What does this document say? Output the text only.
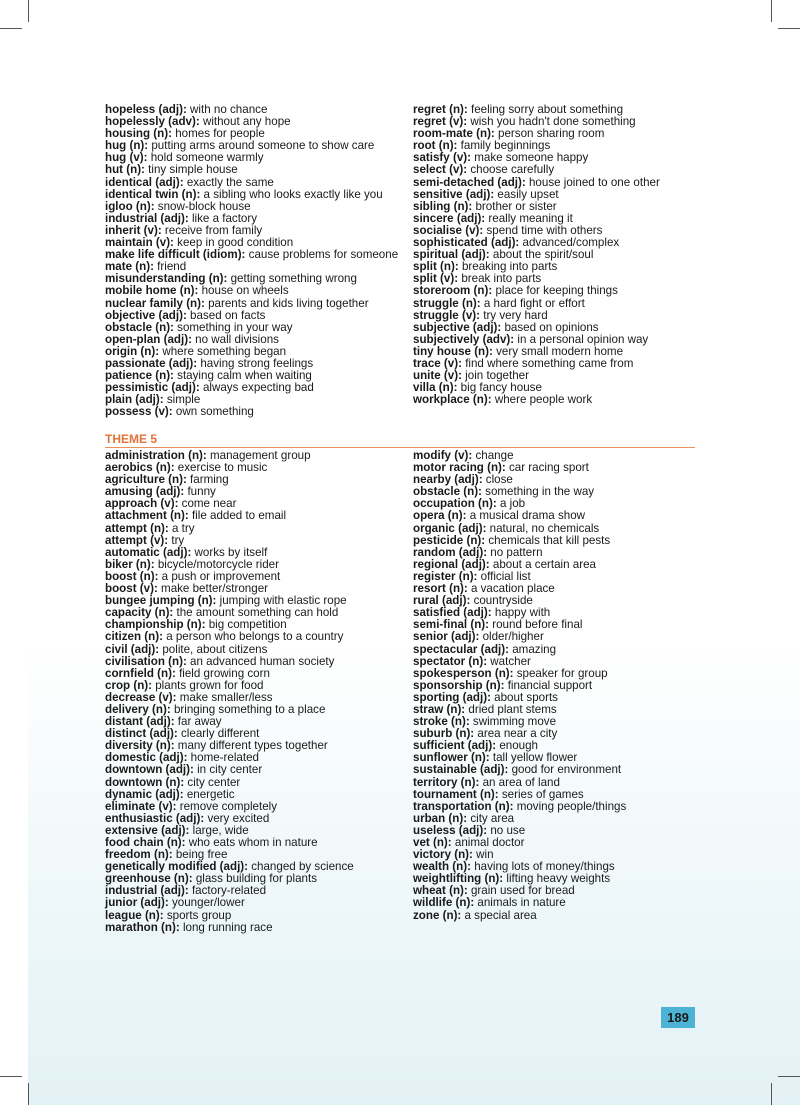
hopeless (adj): with no chance
hopelessly (adv): without any hope
housing (n): homes for people
hug (n): putting arms around someone to show care
hug (v): hold someone warmly
hut (n): tiny simple house
identical (adj): exactly the same
identical twin (n): a sibling who looks exactly like you
igloo (n): snow-block house
industrial (adj): like a factory
inherit (v): receive from family
maintain (v): keep in good condition
make life difficult (idiom): cause problems for someone
mate (n): friend
misunderstanding (n): getting something wrong
mobile home (n): house on wheels
nuclear family (n): parents and kids living together
objective (adj): based on facts
obstacle (n): something in your way
open-plan (adj): no wall divisions
origin (n): where something began
passionate (adj): having strong feelings
patience (n): staying calm when waiting
pessimistic (adj): always expecting bad
plain (adj): simple
possess (v): own something
regret (n): feeling sorry about something
regret (v): wish you hadn't done something
room-mate (n): person sharing room
root (n): family beginnings
satisfy (v): make someone happy
select (v): choose carefully
semi-detached (adj): house joined to one other
sensitive (adj): easily upset
sibling (n): brother or sister
sincere (adj): really meaning it
socialise (v): spend time with others
sophisticated (adj): advanced/complex
spiritual (adj): about the spirit/soul
split (n): breaking into parts
split (v): break into parts
storeroom (n): place for keeping things
struggle (n): a hard fight or effort
struggle (v): try very hard
subjective (adj): based on opinions
subjectively (adv): in a personal opinion way
tiny house (n): very small modern home
trace (v): find where something came from
unite (v): join together
villa (n): big fancy house
workplace (n): where people work
THEME 5
administration (n): management group
aerobics (n): exercise to music
agriculture (n): farming
amusing (adj): funny
approach (v): come near
attachment (n): file added to email
attempt (n): a try
attempt (v): try
automatic (adj): works by itself
biker (n): bicycle/motorcycle rider
boost (n): a push or improvement
boost (v): make better/stronger
bungee jumping (n): jumping with elastic rope
capacity (n): the amount something can hold
championship (n): big competition
citizen (n): a person who belongs to a country
civil (adj): polite, about citizens
civilisation (n): an advanced human society
cornfield (n): field growing corn
crop (n): plants grown for food
decrease (v): make smaller/less
delivery (n): bringing something to a place
distant (adj): far away
distinct (adj): clearly different
diversity (n): many different types together
domestic (adj): home-related
downtown (adj): in city center
downtown (n): city center
dynamic (adj): energetic
eliminate (v): remove completely
enthusiastic (adj): very excited
extensive (adj): large, wide
food chain (n): who eats whom in nature
freedom (n): being free
genetically modified (adj): changed by science
greenhouse (n): glass building for plants
industrial (adj): factory-related
junior (adj): younger/lower
league (n): sports group
marathon (n): long running race
modify (v): change
motor racing (n): car racing sport
nearby (adj): close
obstacle (n): something in the way
occupation (n): a job
opera (n): a musical drama show
organic (adj): natural, no chemicals
pesticide (n): chemicals that kill pests
random (adj): no pattern
regional (adj): about a certain area
register (n): official list
resort (n): a vacation place
rural (adj): countryside
satisfied (adj): happy with
semi-final (n): round before final
senior (adj): older/higher
spectacular (adj): amazing
spectator (n): watcher
spokesperson (n): speaker for group
sponsorship (n): financial support
sporting (adj): about sports
straw (n): dried plant stems
stroke (n): swimming move
suburb (n): area near a city
sufficient (adj): enough
sunflower (n): tall yellow flower
sustainable (adj): good for environment
territory (n): an area of land
tournament (n): series of games
transportation (n): moving people/things
urban (n): city area
useless (adj): no use
vet (n): animal doctor
victory (n): win
wealth (n): having lots of money/things
weightlifting (n): lifting heavy weights
wheat (n): grain used for bread
wildlife (n): animals in nature
zone (n): a special area
189
